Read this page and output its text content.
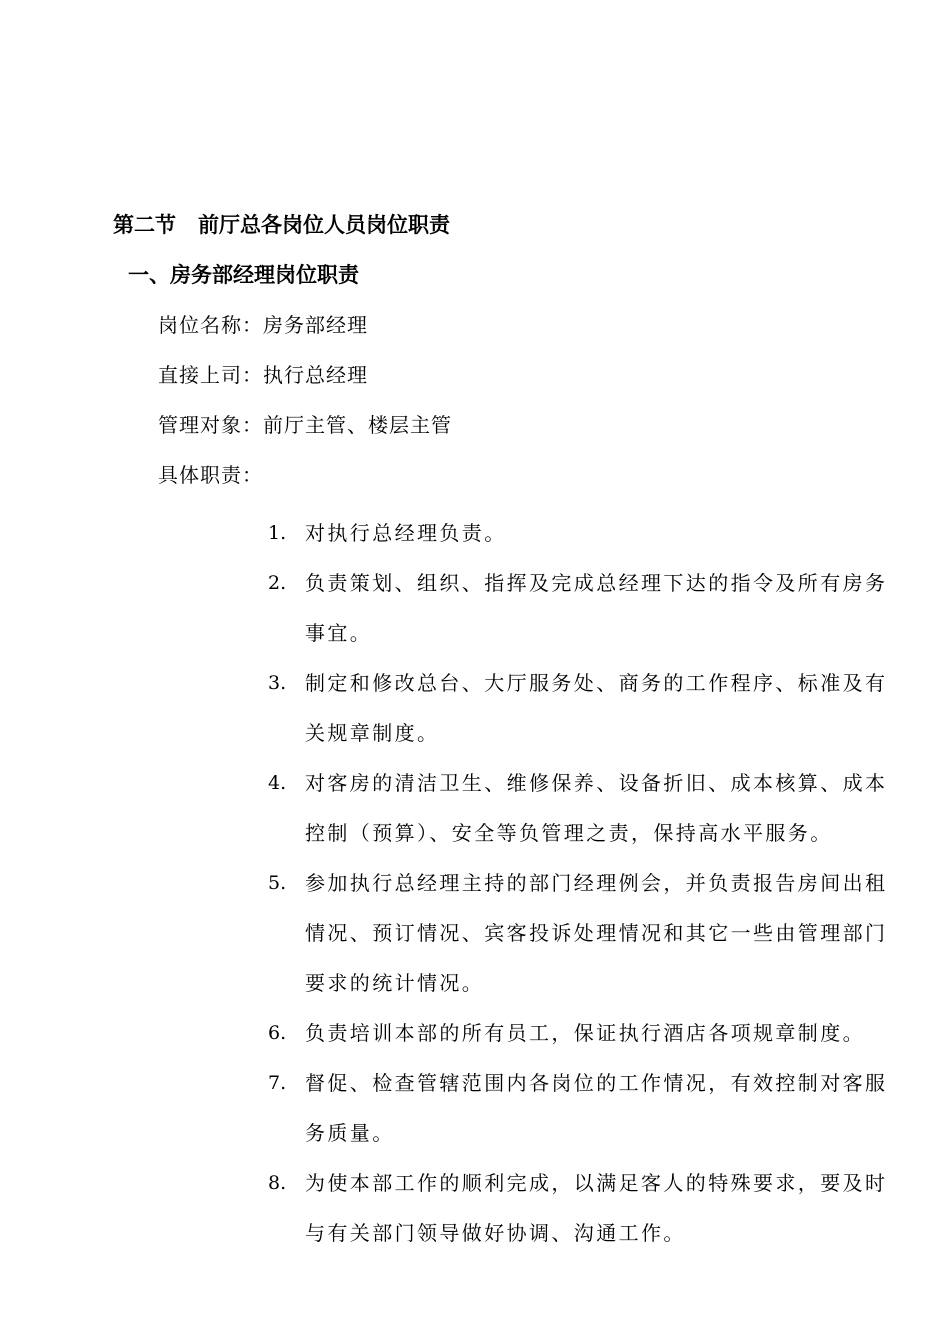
第二节 前厅总各岗位人员岗位职责
一、房务部经理岗位职责
岗位名称：房务部经理
直接上司：执行总经理
管理对象：前厅主管、楼层主管
具体职责：
1. 对执行总经理负责。
2. 负责策划、组织、指挥及完成总经理下达的指令及所有房务事宜。
3. 制定和修改总台、大厅服务处、商务的工作程序、标准及有关规章制度。
4. 对客房的清洁卫生、维修保养、设备折旧、成本核算、成本控制（预算）、安全等负管理之责，保持高水平服务。
5. 参加执行总经理主持的部门经理例会，并负责报告房间出租情况、预订情况、宾客投诉处理情况和其它一些由管理部门要求的统计情况。
6. 负责培训本部的所有员工，保证执行酒店各项规章制度。
7. 督促、检查管辖范围内各岗位的工作情况，有效控制对客服务质量。
8. 为使本部工作的顺利完成，以满足客人的特殊要求，要及时与有关部门领导做好协调、沟通工作。
